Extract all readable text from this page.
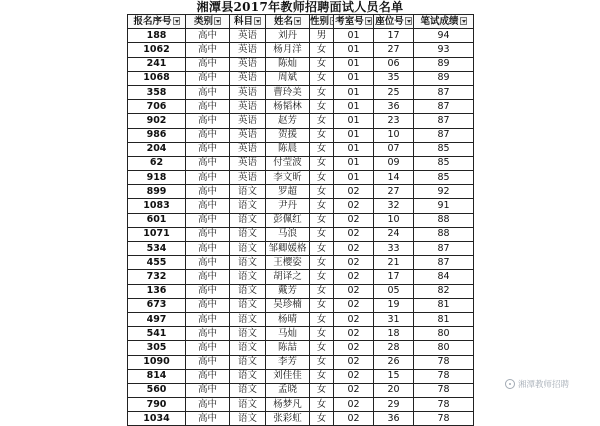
湘潭县2017年教师招聘面试人员名单
报名序号	类别	科目	姓名	性别	考室号	座位号	笔试成绩
188	高中	英语	刘丹	男	01	17	94
1062	高中	英语	杨月洋	女	01	27	93
241	高中	英语	陈灿	女	01	06	89
1068	高中	英语	周斌	女	01	35	89
358	高中	英语	曹玲美	女	01	25	87
706	高中	英语	杨韬林	女	01	36	87
902	高中	英语	赵芳	女	01	23	87
986	高中	英语	贺援	女	01	10	87
204	高中	英语	陈晨	女	01	07	85
62	高中	英语	付莹波	女	01	09	85
918	高中	英语	李文昕	女	01	14	85
899	高中	语文	罗超	女	02	27	92
1083	高中	语文	尹丹	女	02	32	91
601	高中	语文	彭佩红	女	02	10	88
1071	高中	语文	马浪	女	02	24	88
534	高中	语文	邹卿媛格	女	02	33	87
455	高中	语文	王樱姿	女	02	21	87
732	高中	语文	胡译之	女	02	17	84
136	高中	语文	戴芳	女	02	05	82
673	高中	语文	吴珍楠	女	02	19	81
497	高中	语文	杨晴	女	02	31	81
541	高中	语文	马灿	女	02	18	80
305	高中	语文	陈喆	女	02	28	80
1090	高中	语文	李芳	女	02	26	78
814	高中	语文	刘佳佳	女	02	15	78
560	高中	语文	孟晓	女	02	20	78
790	高中	语文	杨梦凡	女	02	29	78
1034	高中	语文	张彩虹	女	02	36	78
湘潭教师招聘
